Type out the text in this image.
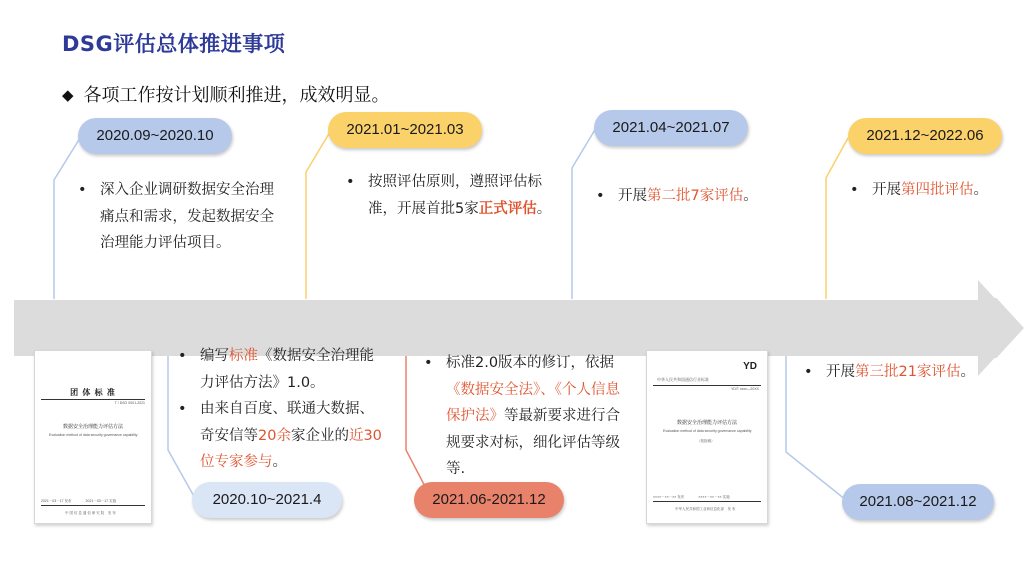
DSG评估总体推进事项
◆ 各项工作按计划顺利推进，成效明显。
2020.09~2020.10	2021.01~2021.03	2021.04~2021.07	2021.12~2022.06
• 深入企业调研数据安全治理痛点和需求，发起数据安全治理能力评估项目。
• 按照评估原则，遵照评估标准，开展首批5家正式评估。
• 开展第二批7家评估。
•	开展第四批评估。
• 编写标准《数据安全治理能力评估方法》1.0。
• 由来自百度、联通大数据、奇安信等20余家企业的近30位专家参与。
• 标准2.0版本的修订，依据《数据安全法》、《个人信息保护法》等最新要求进行合规要求对标，细化评估等级等.
• 开展第三批21家评估。
2020.10~2021.4	2021.06-2021.12	2021.08~2021.12
团 体 标 准
T / DSG 0001-2021
数据安全治理能力评估方法
Evaluation method of data security governance capability
2021－03－17 发布　　　　2021－03－17 实施
中 国 信 息 通 信 研 究 院　发 布
YD
中华人民共和国通信行业标准
YD/T xxxx—20XX
数据安全治理能力评估方法
Evaluation method of data security governance capability
（报批稿）
××××－××－×× 发布　　　　××××－××－×× 实施
中华人民共和国工业和信息化部　发 布
